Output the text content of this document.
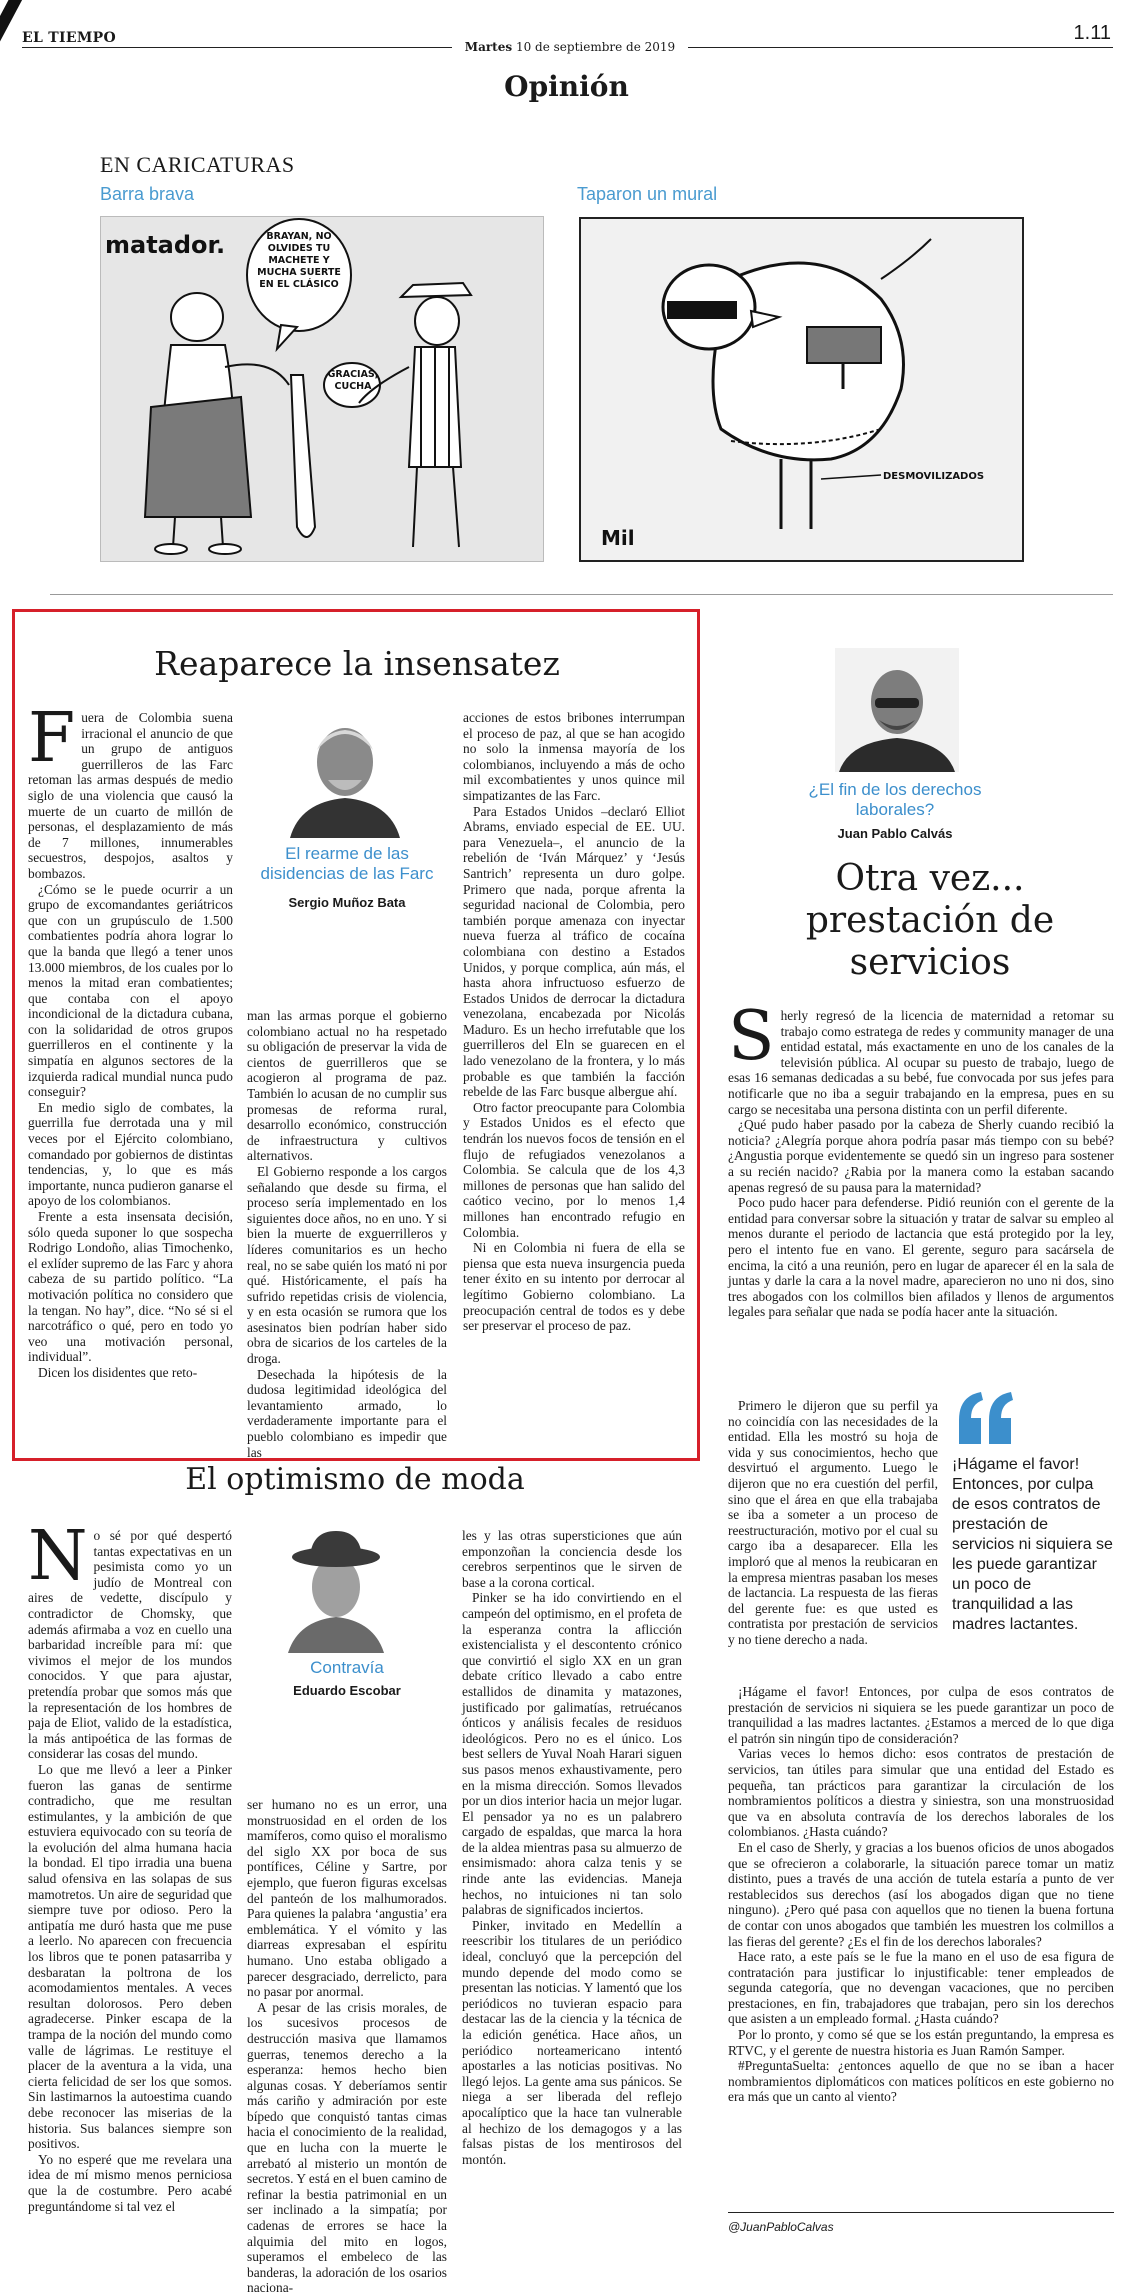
EL TIEMPO
Martes 10 de septiembre de 2019
1.11
Opinión
EN CARICATURAS
Barra brava	Taparon un mural
matador.	BRAYAN, NO OLVIDES TU MACHETE Y MUCHA SUERTE EN EL CLÁSICO
GRACIAS, CUCHA
DESMOVILIZADOS
Mil
Reaparece la insensatez
F uera de Colombia suena irracional el anuncio de que un grupo de antiguos guerrilleros de las Farc retoman las armas después de medio siglo de una violencia que causó la muerte de un cuarto de millón de personas, el desplazamiento de más de 7 millones, innumerables secuestros, despojos, asaltos y bombazos.

¿Cómo se le puede ocurrir a un grupo de excomandantes geriátricos que con un grupúsculo de 1.500 combatientes podría ahora lograr lo que la banda que llegó a tener unos 13.000 miembros, de los cuales por lo menos la mitad eran combatientes; que contaba con el apoyo incondicional de la dictadura cubana, con la solidaridad de otros grupos guerrilleros en el continente y la simpatía en algunos sectores de la izquierda radical mundial nunca pudo conseguir?

En medio siglo de combates, la guerrilla fue derrotada una y mil veces por el Ejército colombiano, comandado por gobiernos de distintas tendencias, y, lo que es más importante, nunca pudieron ganarse el apoyo de los colombianos.

Frente a esta insensata decisión, sólo queda suponer lo que sospecha Rodrigo Londoño, alias Timochenko, el exlíder supremo de las Farc y ahora cabeza de su partido político. “La motivación política no considero que la tengan. No hay”, dice. “No sé si el narcotráfico o qué, pero en todo yo veo una motivación personal, individual”.

Dicen los disidentes que reto-

El rearme de las disidencias de las Farc
Sergio Muñoz Bata

man las armas porque el gobierno colombiano actual no ha respetado su obligación de preservar la vida de cientos de guerrilleros que se acogieron al programa de paz. También lo acusan de no cumplir sus promesas de reforma rural, desarrollo económico, construcción de infraestructura y cultivos alternativos.

El Gobierno responde a los cargos señalando que desde su firma, el proceso sería implementado en los siguientes doce años, no en uno. Y si bien la muerte de exguerrilleros y líderes comunitarios es un hecho real, no se sabe quién los mató ni por qué. Históricamente, el país ha sufrido repetidas crisis de violencia, y en esta ocasión se rumora que los asesinatos bien podrían haber sido obra de sicarios de los carteles de la droga.

Desechada la hipótesis de la dudosa legitimidad ideológica del levantamiento armado, lo verdaderamente importante para el pueblo colombiano es impedir que las

acciones de estos bribones interrumpan el proceso de paz, al que se han acogido no solo la inmensa mayoría de los colombianos, incluyendo a más de ocho mil excombatientes y unos quince mil simpatizantes de las Farc.

Para Estados Unidos –declaró Elliot Abrams, enviado especial de EE. UU. para Venezuela–, el anuncio de la rebelión de ‘Iván Márquez’ y ‘Jesús Santrich’ representa un duro golpe. Primero que nada, porque afrenta la seguridad nacional de Colombia, pero también porque amenaza con inyectar nueva fuerza al tráfico de cocaína colombiana con destino a Estados Unidos, y porque complica, aún más, el hasta ahora infructuoso esfuerzo de Estados Unidos de derrocar la dictadura venezolana, encabezada por Nicolás Maduro. Es un hecho irrefutable que los guerrilleros del Eln se guarecen en el lado venezolano de la frontera, y lo más probable es que también la facción rebelde de las Farc busque albergue ahí.

Otro factor preocupante para Colombia y Estados Unidos es el efecto que tendrán los nuevos focos de tensión en el flujo de refugiados venezolanos a Colombia. Se calcula que de los 4,3 millones de personas que han salido del caótico vecino, por lo menos 1,4 millones han encontrado refugio en Colombia.

Ni en Colombia ni fuera de ella se piensa que esta nueva insurgencia pueda tener éxito en su intento por derrocar al legítimo Gobierno colombiano. La preocupación central de todos es y debe ser preservar el proceso de paz.

¿El fin de los derechos laborales?
Juan Pablo Calvás
Otra vez... prestación de servicios
S herly regresó de la licencia de maternidad a retomar su trabajo como estratega de redes y community manager de una entidad estatal, más exactamente en uno de los canales de la televisión pública. Al ocupar su puesto de trabajo, luego de esas 16 semanas dedicadas a su bebé, fue convocada por sus jefes para notificarle que no iba a seguir trabajando en la empresa, pues en su cargo se necesitaba una persona distinta con un perfil diferente.

¿Qué pudo haber pasado por la cabeza de Sherly cuando recibió la noticia? ¿Alegría porque ahora podría pasar más tiempo con su bebé? ¿Angustia porque evidentemente se quedó sin un ingreso para sostener a su recién nacido? ¿Rabia por la manera como la estaban sacando apenas regresó de su pausa para la maternidad?

Poco pudo hacer para defenderse. Pidió reunión con el gerente de la entidad para conversar sobre la situación y tratar de salvar su empleo al menos durante el periodo de lactancia que está protegido por la ley, pero el intento fue en vano. El gerente, seguro para sacársela de encima, la citó a una reunión, pero en lugar de aparecer él en la sala de juntas y darle la cara a la novel madre, aparecieron no uno ni dos, sino tres abogados con los colmillos bien afilados y llenos de argumentos legales para señalar que nada se podía hacer ante la situación.

Primero le dijeron que su perfil ya no coincidía con las necesidades de la entidad. Ella les mostró su hoja de vida y sus conocimientos, hecho que desvirtuó el argumento. Luego le dijeron que no era cuestión del perfil, sino que el área en que ella trabajaba se iba a someter a un proceso de reestructuración, motivo por el cual su cargo iba a desaparecer. Ella les imploró que al menos la reubicaran en la empresa mientras pasaban los meses de lactancia. La respuesta de las fieras del gerente fue: es que usted es contratista por prestación de servicios y no tiene derecho a nada.

¡Hágame el favor! Entonces, por culpa de esos contratos de prestación de servicios ni siquiera se les puede garantizar un poco de tranquilidad a las madres lactantes.

¡Hágame el favor! Entonces, por culpa de esos contratos de prestación de servicios ni siquiera se les puede garantizar un poco de tranquilidad a las madres lactantes. ¿Estamos a merced de lo que diga el patrón sin ningún tipo de consideración?

Varias veces lo hemos dicho: esos contratos de prestación de servicios, tan útiles para simular que una entidad del Estado es pequeña, tan prácticos para garantizar la circulación de los nombramientos políticos a diestra y siniestra, son una monstruosidad que va en absoluta contravía de los derechos laborales de los colombianos. ¿Hasta cuándo?

En el caso de Sherly, y gracias a los buenos oficios de unos abogados que se ofrecieron a colaborarle, la situación parece tomar un matiz distinto, pues a través de una acción de tutela estaría a punto de ver restablecidos sus derechos (así los abogados digan que no tiene ninguno). ¿Pero qué pasa con aquellos que no tienen la buena fortuna de contar con unos abogados que también les muestren los colmillos a las fieras del gerente? ¿Es el fin de los derechos laborales?

Hace rato, a este país se le fue la mano en el uso de esa figura de contratación para justificar lo injustificable: tener empleados de segunda categoría, que no devengan vacaciones, que no perciben prestaciones, en fin, trabajadores que trabajan, pero sin los derechos que asisten a un empleado formal. ¿Hasta cuándo?

Por lo pronto, y como sé que se los están preguntando, la empresa es RTVC, y el gerente de nuestra historia es Juan Ramón Samper.

#PreguntaSuelta: ¿entonces aquello de que no se iban a hacer nombramientos diplomáticos con matices políticos en este gobierno no era más que un canto al viento?

@JuanPabloCalvas
El optimismo de moda
N o sé por qué despertó tantas expectativas en un pesimista como yo un judío de Montreal con aires de vedette, discípulo y contradictor de Chomsky, que además afirmaba a voz en cuello una barbaridad increíble para mí: que vivimos el mejor de los mundos conocidos. Y que para ajustar, pretendía probar que somos más que la representación de los hombres de paja de Eliot, valido de la estadística, la más antipoética de las formas de considerar las cosas del mundo.

Lo que me llevó a leer a Pinker fueron las ganas de sentirme contradicho, que me resultan estimulantes, y la ambición de que estuviera equivocado con su teoría de la evolución del alma humana hacia la bondad. El tipo irradia una buena salud ofensiva en las solapas de sus mamotretos. Un aire de seguridad que siempre tuve por odioso. Pero la antipatía me duró hasta que me puse a leerlo. No aparecen con frecuencia los libros que te ponen patasarriba y desbaratan la poltrona de los acomodamientos mentales. A veces resultan dolorosos. Pero deben agradecerse. Pinker escapa de la trampa de la noción del mundo como valle de lágrimas. Le restituye el placer de la aventura a la vida, una cierta felicidad de ser los que somos. Sin lastimarnos la autoestima cuando debe reconocer las miserias de la historia. Sus balances siempre son positivos.

Yo no esperé que me revelara una idea de mí mismo menos perniciosa que la de costumbre. Pero acabé preguntándome si tal vez el

Contravía
Eduardo Escobar

ser humano no es un error, una monstruosidad en el orden de los mamíferos, como quiso el moralismo del siglo XX por boca de sus pontífices, Céline y Sartre, por ejemplo, que fueron figuras excelsas del panteón de los malhumorados. Para quienes la palabra ‘angustia’ era emblemática. Y el vómito y las diarreas expresaban el espíritu humano. Uno estaba obligado a parecer desgraciado, derrelicto, para no pasar por anormal.

A pesar de las crisis morales, de los sucesivos procesos de destrucción masiva que llamamos guerras, tenemos derecho a la esperanza: hemos hecho bien algunas cosas. Y deberíamos sentir más cariño y admiración por este bípedo que conquistó tantas cimas hacia el conocimiento de la realidad, que en lucha con la muerte le arrebató al misterio un montón de secretos. Y está en el buen camino de refinar la bestia patrimonial en un ser inclinado a la simpatía; por cadenas de errores se hace la alquimia del mito en logos, superamos el embeleco de las banderas, la adoración de los osarios naciona-

les y las otras supersticiones que aún emponzoñan la conciencia desde los cerebros serpentinos que le sirven de base a la corona cortical.

Pinker se ha ido convirtiendo en el campeón del optimismo, en el profeta de la esperanza contra la aflicción existencialista y el descontento crónico que convirtió el siglo XX en un gran debate crítico llevado a cabo entre estallidos de dinamita y matazones, justificado por galimatías, retruécanos ónticos y análisis fecales de residuos ideológicos. Pero no es el único. Los best sellers de Yuval Noah Harari siguen sus pasos menos exhaustivamente, pero en la misma dirección. Somos llevados por un dios interior hacia un mejor lugar. El pensador ya no es un palabrero cargado de espaldas, que marca la hora de la aldea mientras pasa su almuerzo de ensimismado: ahora calza tenis y se rinde ante las evidencias. Maneja hechos, no intuiciones ni tan solo palabras de significados inciertos.

Pinker, invitado en Medellín a reescribir los titulares de un periódico ideal, concluyó que la percepción del mundo depende del modo como se presentan las noticias. Y lamentó que los periódicos no tuvieran espacio para destacar las de la ciencia y la técnica de la edición genética. Hace años, un periódico norteamericano intentó apostarles a las noticias positivas. No llegó lejos. La gente ama sus pánicos. Se niega a ser liberada del reflejo apocalíptico que la hace tan vulnerable al hechizo de los demagogos y a las falsas pistas de los mentirosos del montón.
